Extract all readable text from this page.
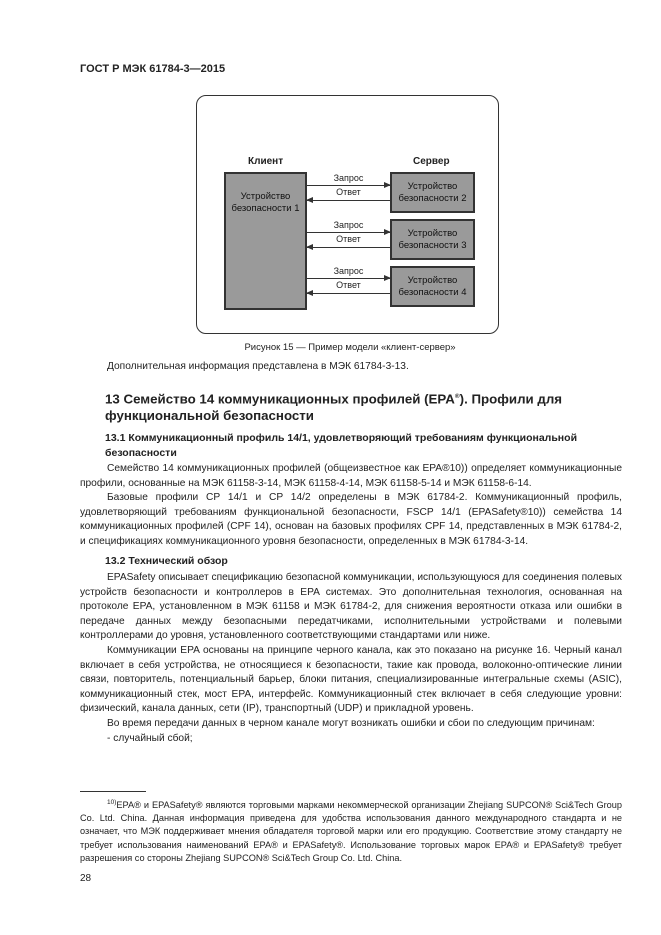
ГОСТ Р МЭК 61784-3—2015
Клиент	Сервер
Устройство безопасности 1
Устройство безопасности 2
Устройство безопасности 3
Устройство безопасности 4
Запрос
Ответ
Запрос
Ответ
Запрос
Ответ
Рисунок 15 — Пример модели «клиент-сервер»
Дополнительная информация представлена в МЭК 61784-3-13.
13 Семейство 14 коммуникационных профилей (EPA®). Профили для функциональной безопасности
13.1 Коммуникационный профиль 14/1, удовлетворяющий требованиям функциональной безопасности

Семейство 14 коммуникационных профилей (общеизвестное как EPA®10)) определяет коммуникационные профили, основанные на МЭК 61158-3-14, МЭК 61158-4-14, МЭК 61158-5-14 и МЭК 61158-6-14.

Базовые профили CP 14/1 и CP 14/2 определены в МЭК 61784-2. Коммуникационный профиль, удовлетворяющий требованиям функциональной безопасности, FSCP 14/1 (EPASafety®10)) семейства 14 коммуникационных профилей (CPF 14), основан на базовых профилях CPF 14, представленных в МЭК 61784-2, и спецификациях коммуникационного уровня безопасности, определенных в МЭК 61784-3-14.

13.2 Технический обзор

EPASafety описывает спецификацию безопасной коммуникации, использующуюся для соединения полевых устройств безопасности и контроллеров в EPA системах. Это дополнительная технология, основанная на протоколе EPA, установленном в МЭК 61158 и МЭК 61784-2, для снижения вероятности отказа или ошибки в передаче данных между безопасными передатчиками, исполнительными устройствами и полевыми контроллерами до уровня, установленного соответствующими стандартами или ниже.

Коммуникации EPA основаны на принципе черного канала, как это показано на рисунке 16. Черный канал включает в себя устройства, не относящиеся к безопасности, такие как провода, волоконно-оптические линии связи, повторитель, потенциальный барьер, блоки питания, специализированные интегральные схемы (ASIC), коммуникационный стек, мост EPA, интерфейс. Коммуникационный стек включает в себя следующие уровни: физический, канала данных, сети (IP), транспортный (UDP) и прикладной уровень.

Во время передачи данных в черном канале могут возникать ошибки и сбои по следующим причинам:

- случайный сбой;

$^{10)}$EPA® и EPASafety® являются торговыми марками некоммерческой организации Zhejiang SUPCON® Sci&Tech Group Co. Ltd. China. Данная информация приведена для удобства использования данного международного стандарта и не означает, что МЭК поддерживает мнения обладателя торговой марки или его продукцию. Соответствие этому стандарту не требует использования наименований EPA® и EPASafety®. Использование торговых марок EPA® и EPASafety® требует разрешения со стороны Zhejiang SUPCON® Sci&Tech Group Co. Ltd. China.

28
